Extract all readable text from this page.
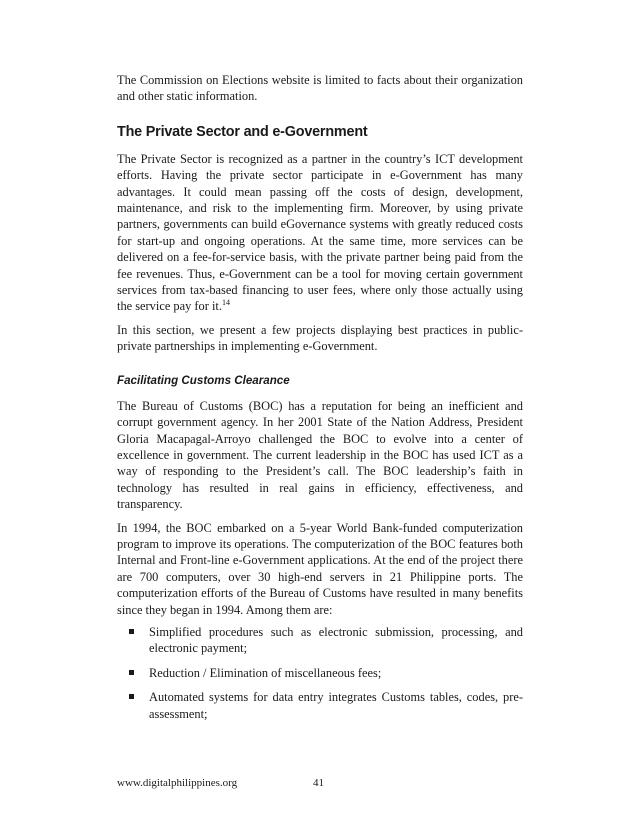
The Commission on Elections website is limited to facts about their organization and other static information.

The Private Sector and e-Government

The Private Sector is recognized as a partner in the country’s ICT development efforts. Having the private sector participate in e-Government has many advantages. It could mean passing off the costs of design, development, maintenance, and risk to the implementing firm. Moreover, by using private partners, governments can build eGovernance systems with greatly reduced costs for start-up and ongoing operations. At the same time, more services can be delivered on a fee-for-service basis, with the private partner being paid from the fee revenues. Thus, e-Government can be a tool for moving certain government services from tax-based financing to user fees, where only those actually using the service pay for it.$^{14}$

In this section, we present a few projects displaying best practices in public-private partnerships in implementing e-Government.

Facilitating Customs Clearance

The Bureau of Customs (BOC) has a reputation for being an inefficient and corrupt government agency. In her 2001 State of the Nation Address, President Gloria Macapagal-Arroyo challenged the BOC to evolve into a center of excellence in government. The current leadership in the BOC has used ICT as a way of responding to the President’s call. The BOC leadership’s faith in technology has resulted in real gains in efficiency, effectiveness, and transparency.

In 1994, the BOC embarked on a 5-year World Bank-funded computerization program to improve its operations. The computerization of the BOC features both Internal and Front-line e-Government applications. At the end of the project there are 700 computers, over 30 high-end servers in 21 Philippine ports. The computerization efforts of the Bureau of Customs have resulted in many benefits since they began in 1994. Among them are:

Simplified procedures such as electronic submission, processing, and electronic payment;

Reduction / Elimination of miscellaneous fees;

Automated systems for data entry integrates Customs tables, codes, pre-assessment;

www.digitalphilippines.org	41
